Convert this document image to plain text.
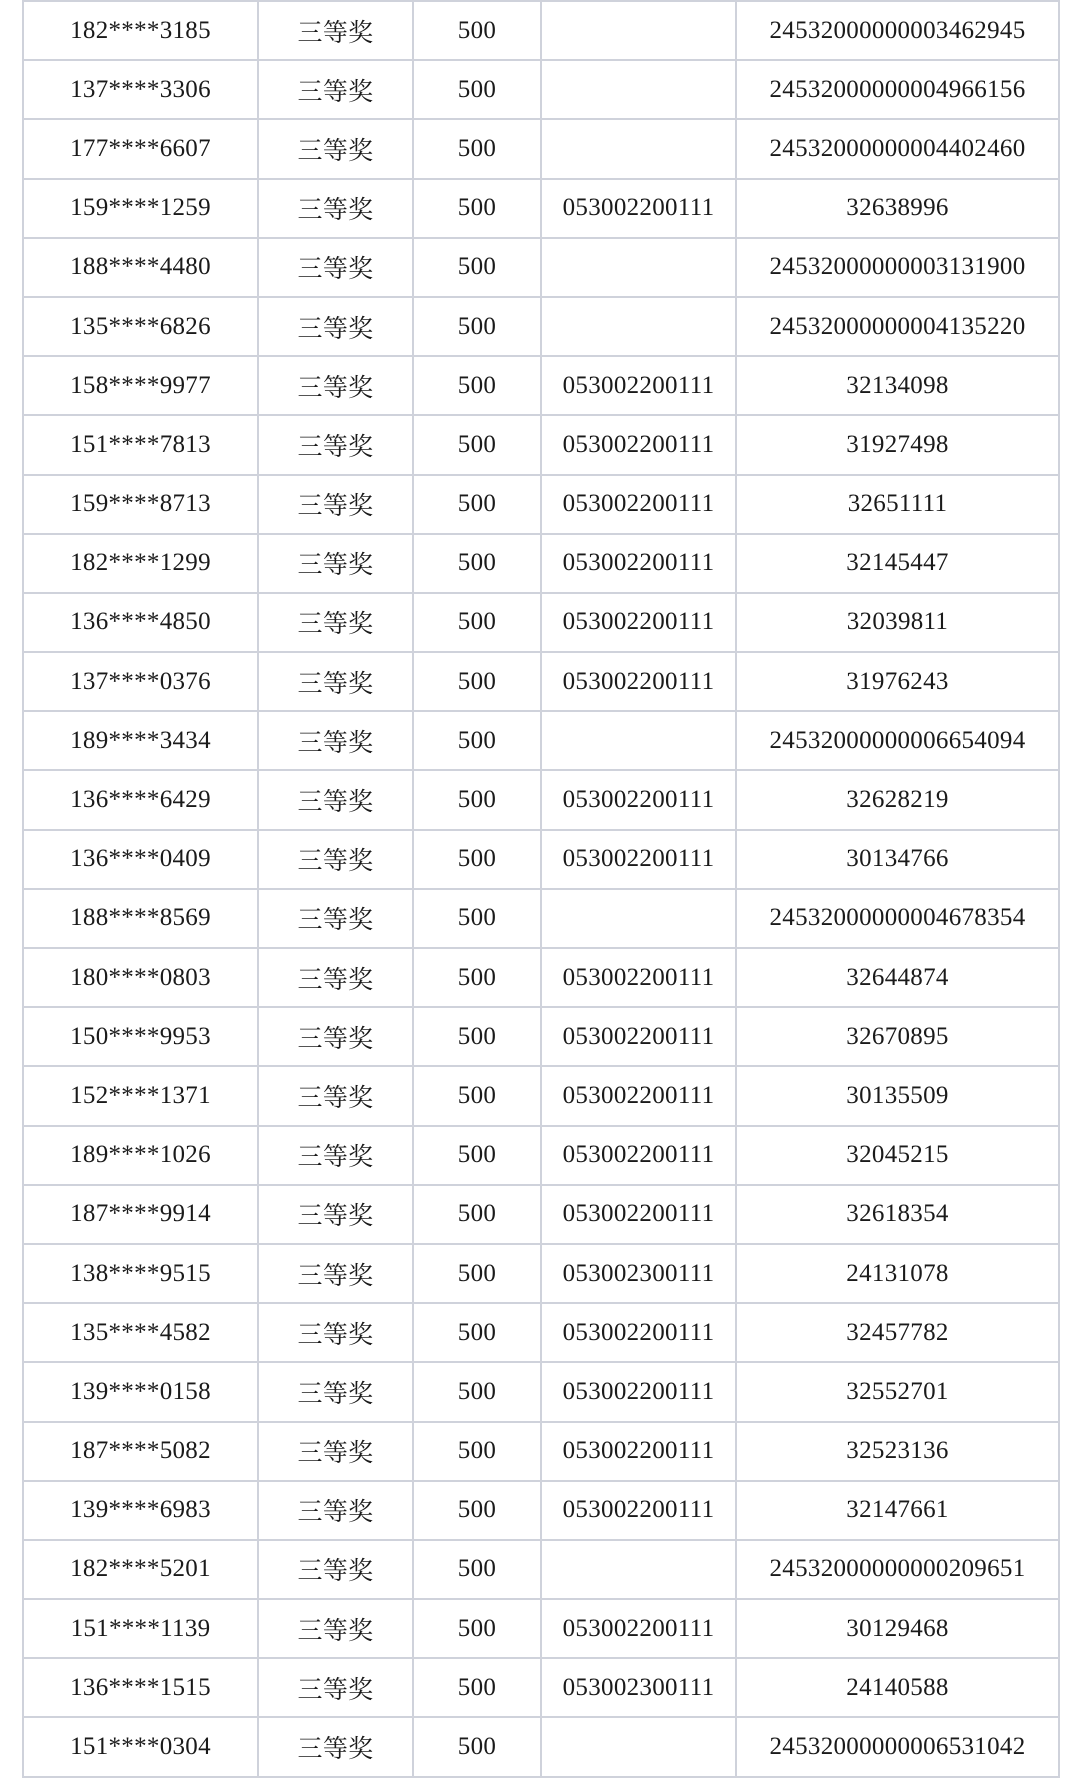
182****3185	三等奖	500		24532000000003462945
137****3306	三等奖	500		24532000000004966156
177****6607	三等奖	500		24532000000004402460
159****1259	三等奖	500	053002200111	32638996
188****4480	三等奖	500		24532000000003131900
135****6826	三等奖	500		24532000000004135220
158****9977	三等奖	500	053002200111	32134098
151****7813	三等奖	500	053002200111	31927498
159****8713	三等奖	500	053002200111	32651111
182****1299	三等奖	500	053002200111	32145447
136****4850	三等奖	500	053002200111	32039811
137****0376	三等奖	500	053002200111	31976243
189****3434	三等奖	500		24532000000006654094
136****6429	三等奖	500	053002200111	32628219
136****0409	三等奖	500	053002200111	30134766
188****8569	三等奖	500		24532000000004678354
180****0803	三等奖	500	053002200111	32644874
150****9953	三等奖	500	053002200111	32670895
152****1371	三等奖	500	053002200111	30135509
189****1026	三等奖	500	053002200111	32045215
187****9914	三等奖	500	053002200111	32618354
138****9515	三等奖	500	053002300111	24131078
135****4582	三等奖	500	053002200111	32457782
139****0158	三等奖	500	053002200111	32552701
187****5082	三等奖	500	053002200111	32523136
139****6983	三等奖	500	053002200111	32147661
182****5201	三等奖	500		24532000000000209651
151****1139	三等奖	500	053002200111	30129468
136****1515	三等奖	500	053002300111	24140588
151****0304	三等奖	500		24532000000006531042
